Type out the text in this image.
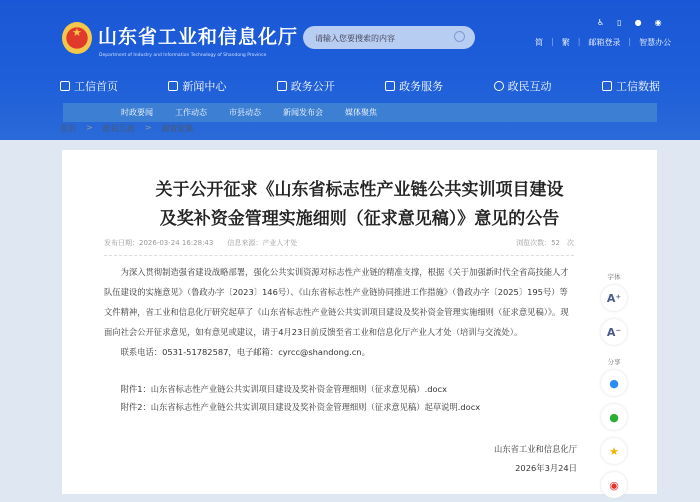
★
山东省工业和信息化厅
Department of Industry and Information Technology of Shandong Province
请输入您要搜索的内容
♿ ▯ ● ◉
简 | 繁 | 邮箱登录 | 智慧办公
工信首页	新闻中心	政务公开	政务服务	政民互动	工信数据
时政要闻	工作动态	市县动态	新闻发布会	媒体聚焦
首页 > 政民互动 > 调查征集
关于公开征求《山东省标志性产业链公共实训项目建设
及奖补资金管理实施细则（征求意见稿）》意见的公告
发布日期：2026-03-24 16:28:43 信息来源：产业人才处	浏览次数：52　次

为深入贯彻制造强省建设战略部署，强化公共实训资源对标志性产业链的精准支撑，根据《关于加强新时代全省高技能人才队伍建设的实施意见》（鲁政办字〔2023〕146号）、《山东省标志性产业链协同推进工作措施》（鲁政办字〔2025〕195号）等文件精神，省工业和信息化厅研究起草了《山东省标志性产业链公共实训项目建设及奖补资金管理实施细则（征求意见稿）》。现面向社会公开征求意见，如有意见或建议，请于4月23日前反馈至省工业和信息化厅产业人才处（培训与交流处）。

联系电话：0531-51782587，电子邮箱：cyrcc@shandong.cn。

附件1：山东省标志性产业链公共实训项目建设及奖补资金管理细则（征求意见稿）.docx

附件2：山东省标志性产业链公共实训项目建设及奖补资金管理细则（征求意见稿）起草说明.docx

山东省工业和信息化厅
2026年3月24日
字体
A⁺
A⁻
分享
●
●
★
◉
